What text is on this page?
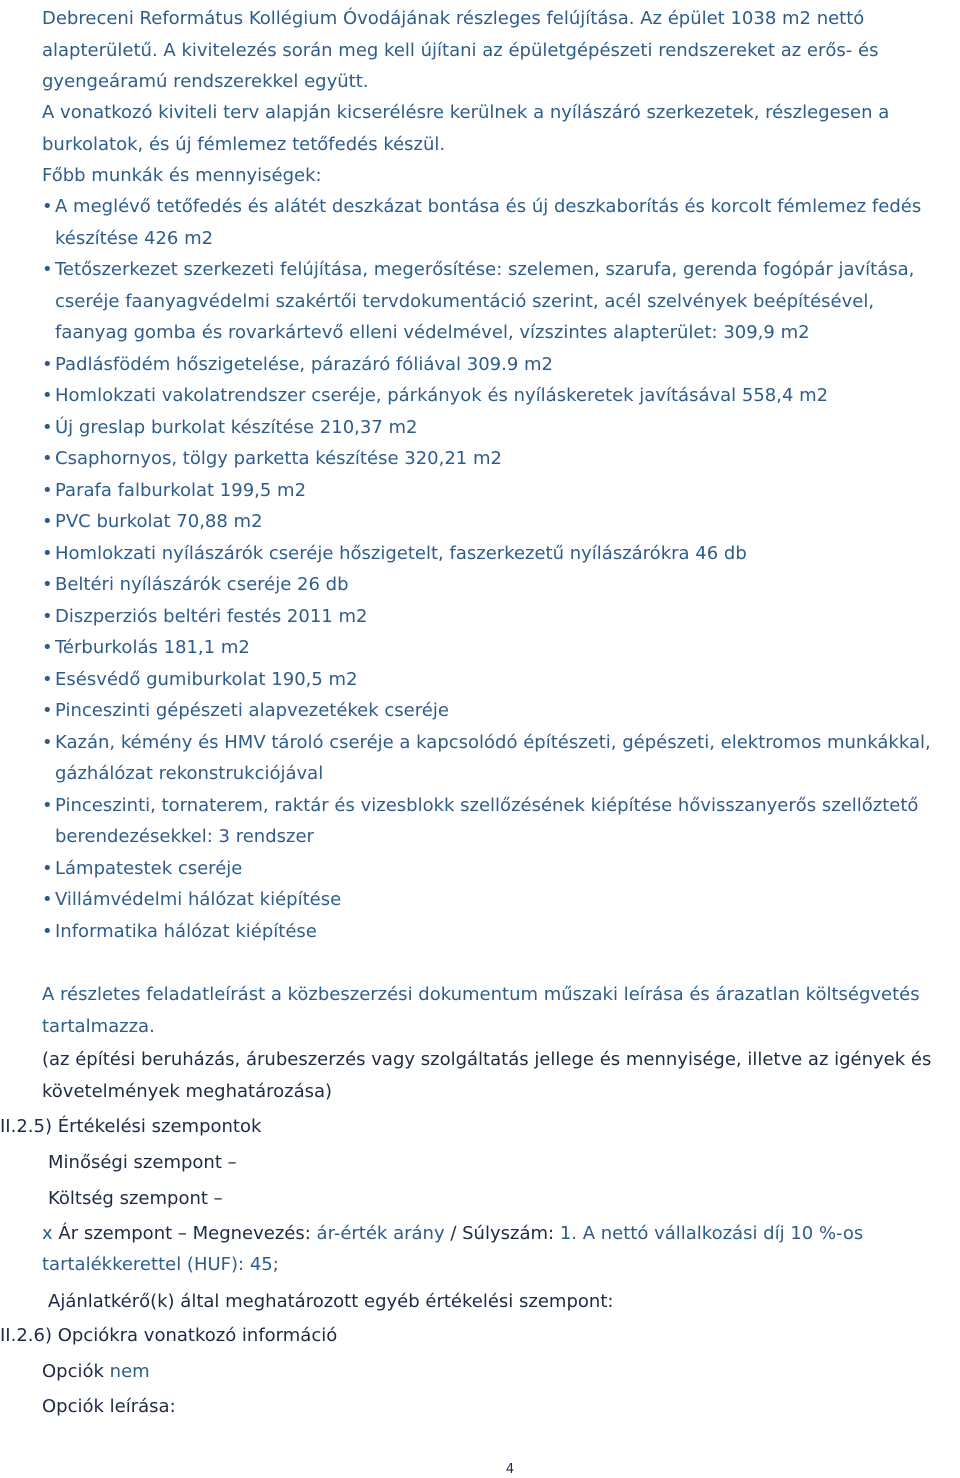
Debreceni Református Kollégium Óvodájának részleges felújítása. Az épület 1038 m2 nettó alapterületű. A kivitelezés során meg kell újítani az épületgépészeti rendszereket az erős- és gyengeáramú rendszerekkel együtt.

A vonatkozó kiviteli terv alapján kicserélésre kerülnek a nyílászáró szerkezetek, részlegesen a burkolatok, és új fémlemez tetőfedés készül.

Főbb munkák és mennyiségek:

• A meglévő tetőfedés és alátét deszkázat bontása és új deszkaborítás és korcolt fémlemez fedés készítése 426 m2
• Tetőszerkezet szerkezeti felújítása, megerősítése: szelemen, szarufa, gerenda fogópár javítása, cseréje faanyagvédelmi szakértői tervdokumentáció szerint, acél szelvények beépítésével, faanyag gomba és rovarkártevő elleni védelmével, vízszintes alapterület: 309,9 m2
• Padlásfödém hőszigetelése, párazáró fóliával 309.9 m2
• Homlokzati vakolatrendszer cseréje, párkányok és nyíláskeretek javításával 558,4 m2
• Új greslap burkolat készítése 210,37 m2
• Csaphornyos, tölgy parketta készítése 320,21 m2
• Parafa falburkolat 199,5 m2
• PVC burkolat 70,88 m2
• Homlokzati nyílászárók cseréje hőszigetelt, faszerkezetű nyílászárókra 46 db
• Beltéri nyílászárók cseréje 26 db
• Diszperziós beltéri festés 2011 m2
• Térburkolás 181,1 m2
• Esésvédő gumiburkolat 190,5 m2
• Pinceszinti gépészeti alapvezetékek cseréje
• Kazán, kémény és HMV tároló cseréje a kapcsolódó építészeti, gépészeti, elektromos munkákkal, gázhálózat rekonstrukciójával
• Pinceszinti, tornaterem, raktár és vizesblokk szellőzésének kiépítése hővisszanyerős szellőztető berendezésekkel: 3 rendszer
• Lámpatestek cseréje
• Villámvédelmi hálózat kiépítése
• Informatika hálózat kiépítése

A részletes feladatleírást a közbeszerzési dokumentum műszaki leírása és árazatlan költségvetés tartalmazza.

(az építési beruházás, árubeszerzés vagy szolgáltatás jellege és mennyisége, illetve az igények és követelmények meghatározása)

II.2.5) Értékelési szempontok
Minőségi szempont –
Költség szempont –

x Ár szempont – Megnevezés: ár-érték arány / Súlyszám: 1. A nettó vállalkozási díj 10 %-os tartalékkerettel (HUF): 45;

Ajánlatkérő(k) által meghatározott egyéb értékelési szempont:
II.2.6) Opciókra vonatkozó információ
Opciók nem
Opciók leírása:
4
